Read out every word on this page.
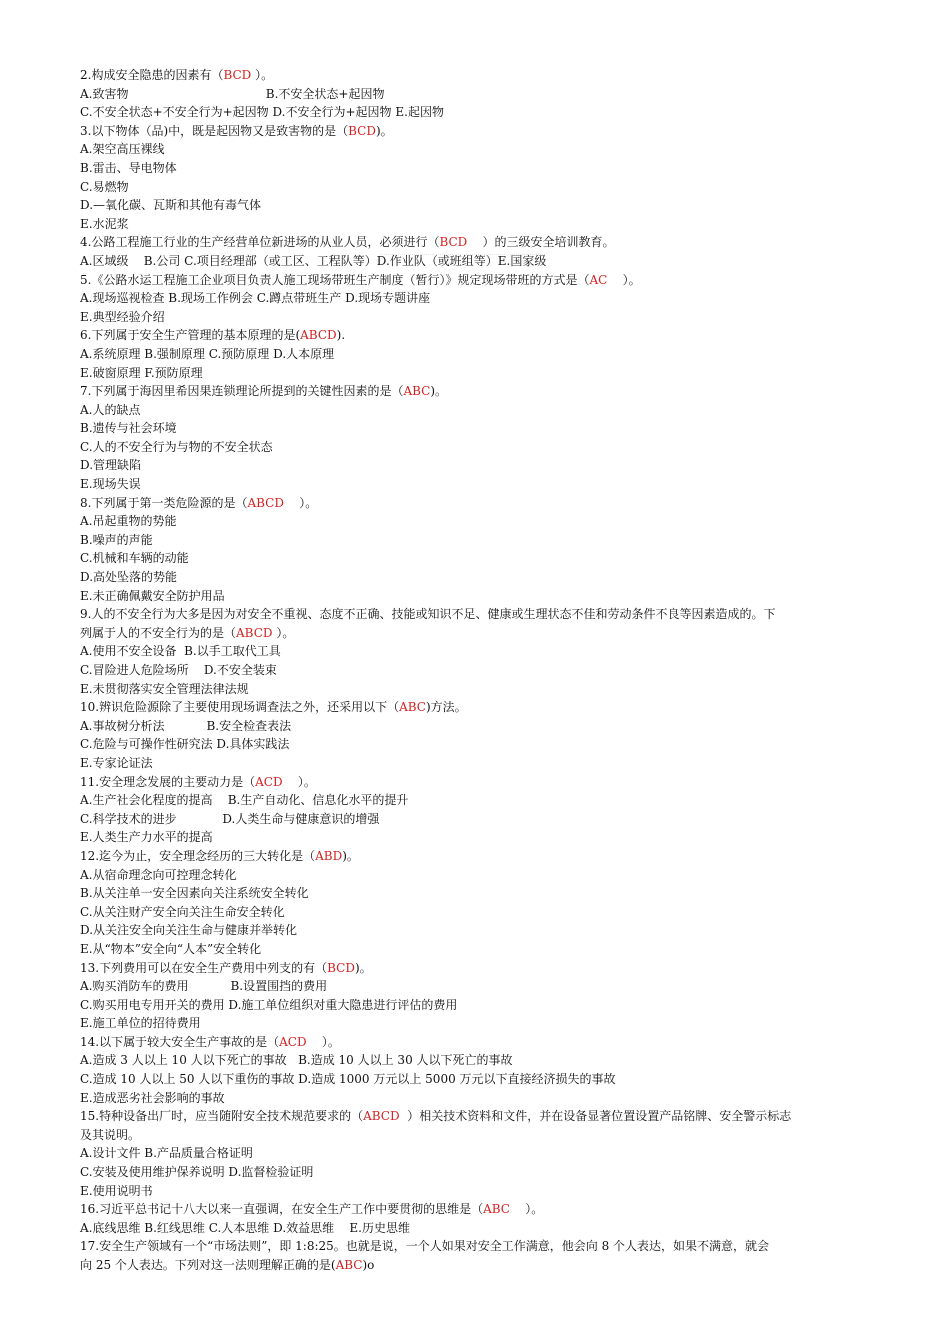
2.构成安全隐患的因素有（BCD ）。
A.致害物                                    B.不安全状态+起因物
C.不安全状态+不安全行为+起因物 D.不安全行为+起因物 E.起因物
3.以下物体（品)中，既是起因物又是致害物的是（BCD)。
A.架空高压裸线
B.雷击、导电物体
C.易燃物
D.—氧化碳、瓦斯和其他有毒气体
E.水泥浆
4.公路工程施工行业的生产经营单位新进场的从业人员，必须进行（BCD    ）的三级安全培训教育。
A.区域级    B.公司 C.项目经理部（或工区、工程队等）D.作业队（或班组等）E.国家级
5.《公路水运工程施工企业项目负责人施工现场带班生产制度（暂行）》规定现场带班的方式是（AC    ）。
A.现场巡视检查 B.现场工作例会 C.蹲点带班生产 D.现场专题讲座
E.典型经验介绍
6.下列属于安全生产管理的基本原理的是(ABCD).
A.系统原理 B.强制原理 C.预防原理 D.人本原理
E.破窗原理 F.预防原理
7.下列属于海因里希因果连锁理论所提到的关键性因素的是（ABC)。
A.人的缺点
B.遗传与社会环境
C.人的不安全行为与物的不安全状态
D.管理缺陷
E.现场失误
8.下列属于第一类危险源的是（ABCD    ）。
A.吊起重物的势能
B.噪声的声能
C.机械和车辆的动能
D.高处坠落的势能
E.未正确佩戴安全防护用品
9.人的不安全行为大多是因为对安全不重视、态度不正确、技能或知识不足、健康或生理状态不佳和劳动条件不良等因素造成的。下
列属于人的不安全行为的是（ABCD ）。
A.使用不安全设备  B.以手工取代工具
C.冒险进人危险场所    D.不安全装束
E.未贯彻落实安全管理法律法规
10.辨识危险源除了主要使用现场调查法之外，还采用以下（ABC)方法。
A.事故树分析法           B.安全检查表法
C.危险与可操作性研究法 D.具体实践法
E.专家论证法
11.安全理念发展的主要动力是（ACD    ）。
A.生产社会化程度的提高    B.生产自动化、信息化水平的提升
C.科学技术的进步            D.人类生命与健康意识的增强
E.人类生产力水平的提高
12.迄今为止，安全理念经历的三大转化是（ABD)。
A.从宿命理念向可控理念转化
B.从关注单一安全因素向关注系统安全转化
C.从关注财产安全向关注生命安全转化
D.从关注安全向关注生命与健康并举转化
E.从“物本”安全向“人本”安全转化
13.下列费用可以在安全生产费用中列支的有（BCD)。
A.购买消防车的费用           B.设置围挡的费用
C.购买用电专用开关的费用 D.施工单位组织对重大隐患进行评估的费用
E.施工单位的招待费用
14.以下属于较大安全生产事故的是（ACD    ）。
A.造成 3 人以上 10 人以下死亡的事故   B.造成 10 人以上 30 人以下死亡的事故
C.造成 10 人以上 50 人以下重伤的事故 D.造成 1000 万元以上 5000 万元以下直接经济损失的事故
E.造成恶劣社会影响的事故
15.特种设备出厂时，应当随附安全技术规范要求的（ABCD  ）相关技术资料和文件，并在设备显著位置设置产品铭牌、安全警示标志
及其说明。
A.设计文件 B.产品质量合格证明
C.安装及使用维护保养说明 D.监督检验证明
E.使用说明书
16.习近平总书记十八大以来一直强调，在安全生产工作中要贯彻的思维是（ABC    ）。
A.底线思维 B.红线思维 C.人本思维 D.效益思维    E.历史思维
17.安全生产领域有一个“市场法则”，即 1:8:25。也就是说，一个人如果对安全工作满意，他会向 8 个人表达，如果不满意，就会
向 25 个人表达。下列对这一法则理解正确的是(ABC)o
